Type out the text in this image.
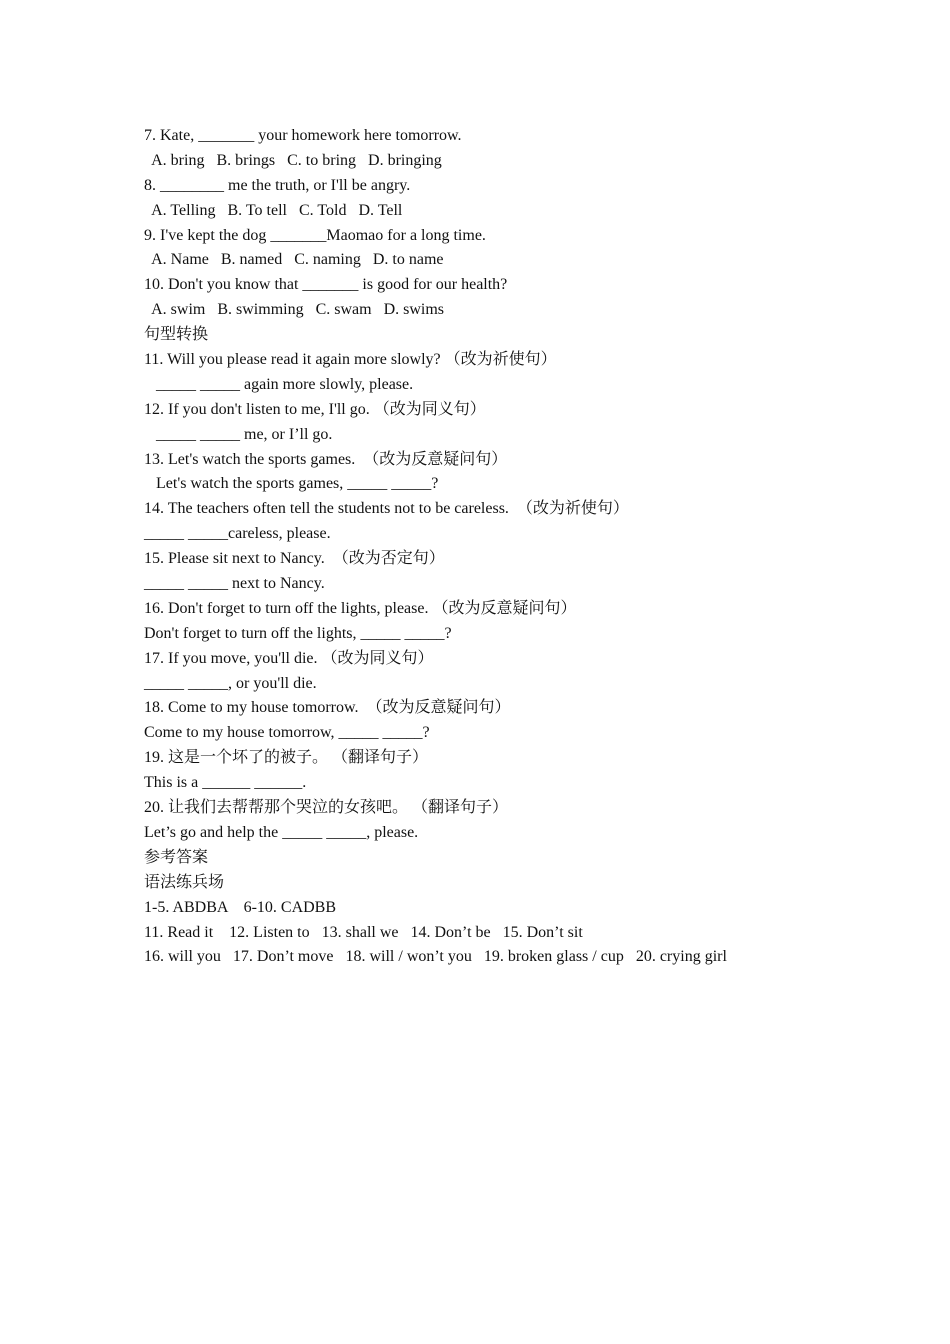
7. Kate, _______ your homework here tomorrow.
A. bring   B. brings   C. to bring   D. bringing
8. ________ me the truth, or I'll be angry.
A. Telling   B. To tell   C. Told   D. Tell
9. I've kept the dog _______Maomao for a long time.
A. Name   B. named   C. naming   D. to name
10. Don't you know that _______ is good for our health?
A. swim   B. swimming   C. swam   D. swims
句型转换
11. Will you please read it again more slowly? （改为祈使句）
_____ _____ again more slowly, please.
12. If you don't listen to me, I'll go. （改为同义句）
_____ _____ me, or I’ll go.
13. Let's watch the sports games.  （改为反意疑问句）
Let's watch the sports games, _____ _____?
14. The teachers often tell the students not to be careless.  （改为祈使句）
_____ _____careless, please.
15. Please sit next to Nancy.  （改为否定句）
_____ _____ next to Nancy.
16. Don't forget to turn off the lights, please. （改为反意疑问句）
Don't forget to turn off the lights, _____ _____?
17. If you move, you'll die. （改为同义句）
_____ _____, or you'll die.
18. Come to my house tomorrow.  （改为反意疑问句）
Come to my house tomorrow, _____ _____?
19. 这是一个坏了的被子。 （翻译句子）
This is a ______ ______.
20. 让我们去帮帮那个哭泣的女孩吧。 （翻译句子）
Let’s go and help the _____ _____, please.
参考答案
语法练兵场
1-5. ABDBA    6-10. CADBB
11. Read it    12. Listen to   13. shall we   14. Don’t be   15. Don’t sit
16. will you   17. Don’t move   18. will / won’t you   19. broken glass / cup   20. crying girl
